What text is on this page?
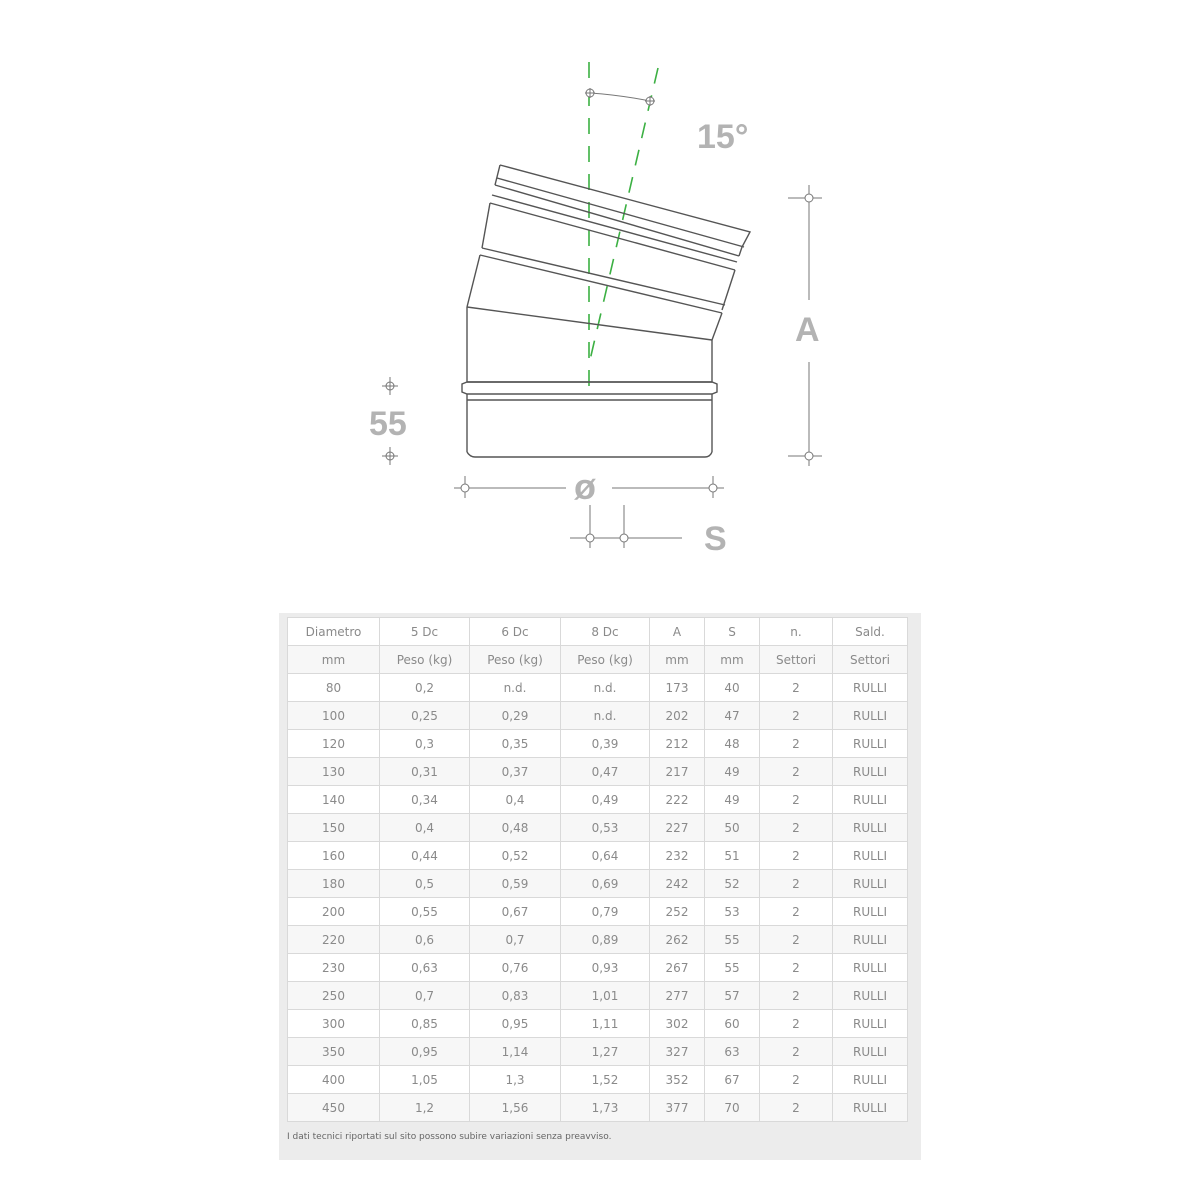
15°
55
A
ø
S
Diametro	5 Dc	6 Dc	8 Dc	A	S	n.	Sald.
mm	Peso (kg)	Peso (kg)	Peso (kg)	mm	mm	Settori	Settori
80	0,2	n.d.	n.d.	173	40	2	RULLI
100	0,25	0,29	n.d.	202	47	2	RULLI
120	0,3	0,35	0,39	212	48	2	RULLI
130	0,31	0,37	0,47	217	49	2	RULLI
140	0,34	0,4	0,49	222	49	2	RULLI
150	0,4	0,48	0,53	227	50	2	RULLI
160	0,44	0,52	0,64	232	51	2	RULLI
180	0,5	0,59	0,69	242	52	2	RULLI
200	0,55	0,67	0,79	252	53	2	RULLI
220	0,6	0,7	0,89	262	55	2	RULLI
230	0,63	0,76	0,93	267	55	2	RULLI
250	0,7	0,83	1,01	277	57	2	RULLI
300	0,85	0,95	1,11	302	60	2	RULLI
350	0,95	1,14	1,27	327	63	2	RULLI
400	1,05	1,3	1,52	352	67	2	RULLI
450	1,2	1,56	1,73	377	70	2	RULLI
I dati tecnici riportati sul sito possono subire variazioni senza preavviso.
